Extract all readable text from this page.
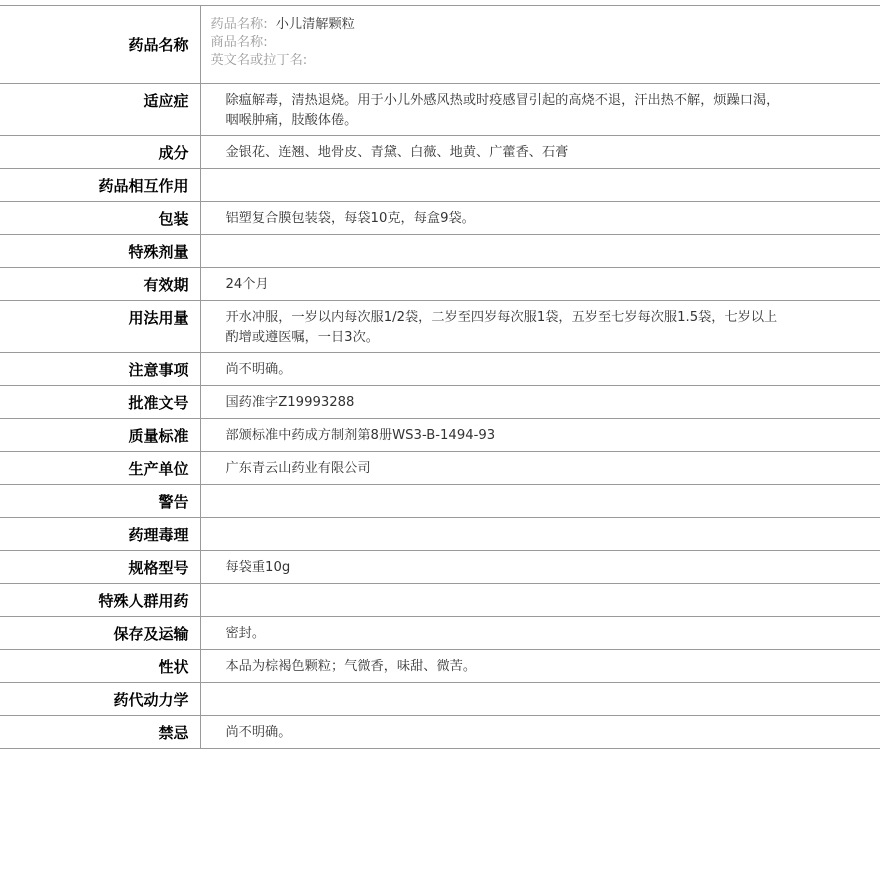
药品名称	药品名称: 小儿清解颗粒
商品名称:
英文名或拉丁名:

适应症	除瘟解毒，清热退烧。用于小儿外感风热或时疫感冒引起的高烧不退，汗出热不解，烦躁口渴，咽喉肿痛，肢酸体倦。

成分	金银花、连翘、地骨皮、青黛、白薇、地黄、广藿香、石膏

药品相互作用	

包装	铝塑复合膜包装袋，每袋10克，每盒9袋。

特殊剂量	

有效期	24个月

用法用量	开水冲服，一岁以内每次服1/2袋，二岁至四岁每次服1袋，五岁至七岁每次服1.5袋，七岁以上酌增或遵医嘱，一日3次。

注意事项	尚不明确。

批准文号	国药准字Z19993288

质量标准	部颁标准中药成方制剂第8册WS3-B-1494-93

生产单位	广东青云山药业有限公司

警告	

药理毒理	

规格型号	每袋重10g

特殊人群用药	

保存及运输	密封。

性状	本品为棕褐色颗粒；气微香，味甜、微苦。

药代动力学	

禁忌	尚不明确。
